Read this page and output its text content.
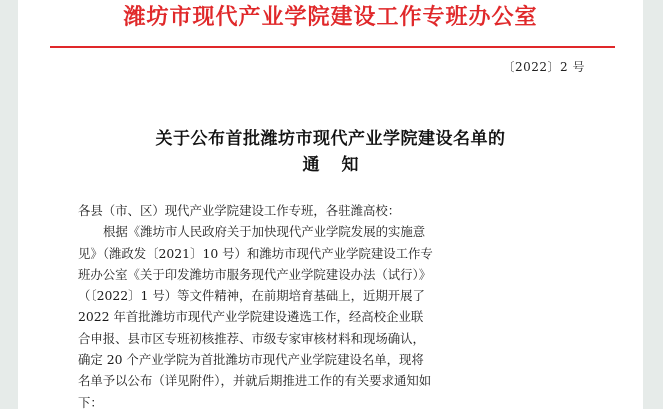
潍坊市现代产业学院建设工作专班办公室
〔2022〕2 号
关于公布首批潍坊市现代产业学院建设名单的
通知
各县（市、区）现代产业学院建设工作专班，各驻潍高校：
根据《潍坊市人民政府关于加快现代产业学院发展的实施意
见》（潍政发〔2021〕10 号）和潍坊市现代产业学院建设工作专
班办公室《关于印发潍坊市服务现代产业学院建设办法（试行）》
（〔2022〕1 号）等文件精神，在前期培育基础上，近期开展了
2022 年首批潍坊市现代产业学院建设遴选工作，经高校企业联
合申报、县市区专班初核推荐、市级专家审核材料和现场确认，
确定 20 个产业学院为首批潍坊市现代产业学院建设名单，现将
名单予以公布（详见附件），并就后期推进工作的有关要求通知如
下：
